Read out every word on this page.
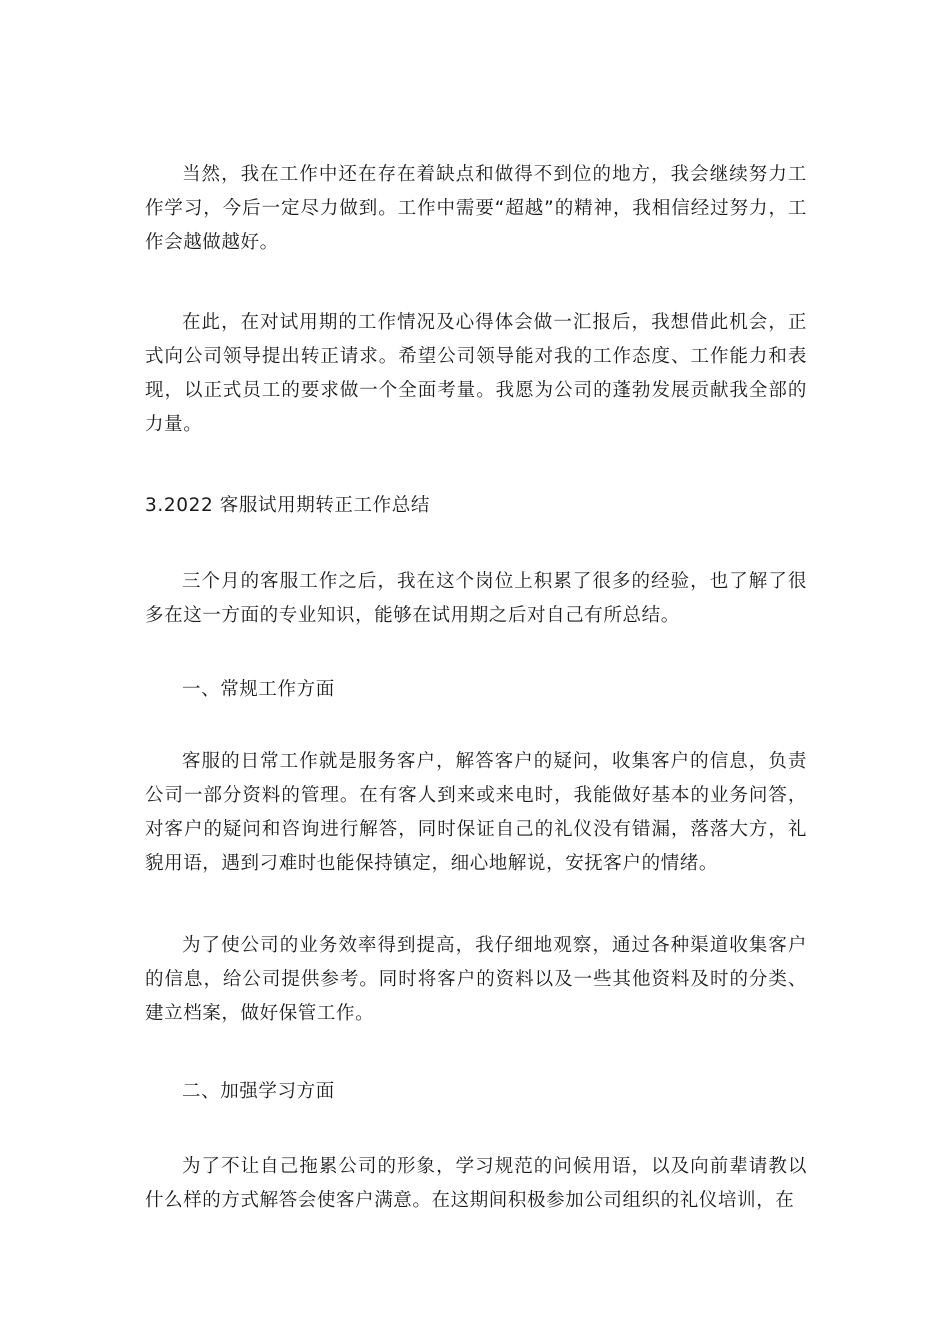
当然，我在工作中还在存在着缺点和做得不到位的地方，我会继续努力工作学习，今后一定尽力做到。工作中需要“超越”的精神，我相信经过努力，工作会越做越好。

在此，在对试用期的工作情况及心得体会做一汇报后，我想借此机会，正式向公司领导提出转正请求。希望公司领导能对我的工作态度、工作能力和表现，以正式员工的要求做一个全面考量。我愿为公司的蓬勃发展贡献我全部的力量。

3.2022 客服试用期转正工作总结

三个月的客服工作之后，我在这个岗位上积累了很多的经验，也了解了很多在这一方面的专业知识，能够在试用期之后对自己有所总结。

一、常规工作方面

客服的日常工作就是服务客户，解答客户的疑问，收集客户的信息，负责公司一部分资料的管理。在有客人到来或来电时，我能做好基本的业务问答，对客户的疑问和咨询进行解答，同时保证自己的礼仪没有错漏，落落大方，礼貌用语，遇到刁难时也能保持镇定，细心地解说，安抚客户的情绪。

为了使公司的业务效率得到提高，我仔细地观察，通过各种渠道收集客户的信息，给公司提供参考。同时将客户的资料以及一些其他资料及时的分类、建立档案，做好保管工作。

二、加强学习方面

为了不让自己拖累公司的形象，学习规范的问候用语，以及向前辈请教以什么样的方式解答会使客户满意。在这期间积极参加公司组织的礼仪培训，在
